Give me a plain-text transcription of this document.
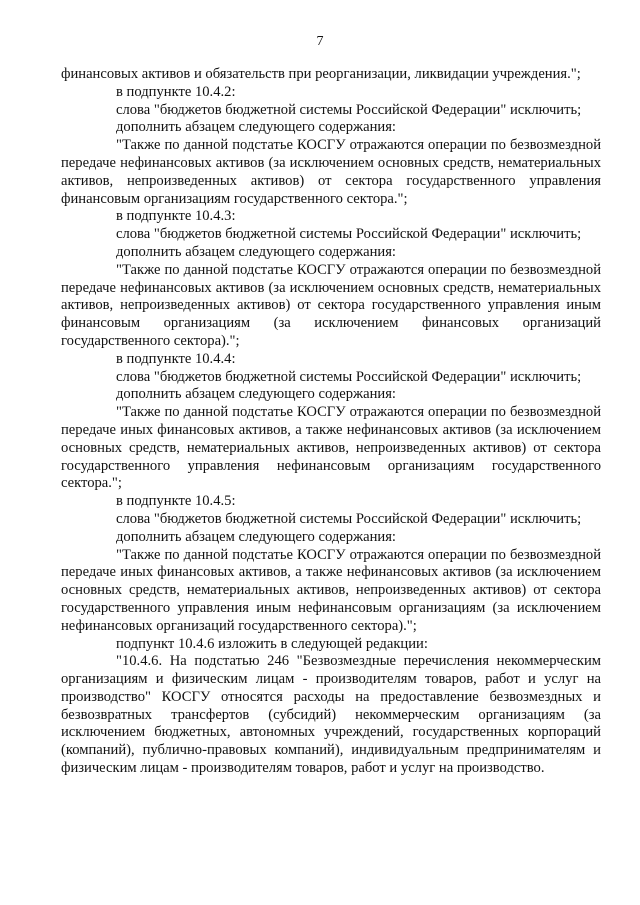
7

финансовых активов и обязательств при реорганизации, ликвидации учреждения.";

в подпункте 10.4.2:

слова "бюджетов бюджетной системы Российской Федерации" исключить;

дополнить абзацем следующего содержания:

"Также по данной подстатье КОСГУ отражаются операции по безвозмездной передаче нефинансовых активов (за исключением основных средств, нематериальных активов, непроизведенных активов) от сектора государственного управления финансовым организациям государственного сектора.";

в подпункте 10.4.3:

слова "бюджетов бюджетной системы Российской Федерации" исключить;

дополнить абзацем следующего содержания:

"Также по данной подстатье КОСГУ отражаются операции по безвозмездной передаче нефинансовых активов (за исключением основных средств, нематериальных активов, непроизведенных активов) от сектора государственного управления иным финансовым организациям (за исключением финансовых организаций государственного сектора).";

в подпункте 10.4.4:

слова "бюджетов бюджетной системы Российской Федерации" исключить;

дополнить абзацем следующего содержания:

"Также по данной подстатье КОСГУ отражаются операции по безвозмездной передаче иных финансовых активов, а также нефинансовых активов (за исключением основных средств, нематериальных активов, непроизведенных активов) от сектора государственного управления нефинансовым организациям государственного сектора.";

в подпункте 10.4.5:

слова "бюджетов бюджетной системы Российской Федерации" исключить;

дополнить абзацем следующего содержания:

"Также по данной подстатье КОСГУ отражаются операции по безвозмездной передаче иных финансовых активов, а также нефинансовых активов (за исключением основных средств, нематериальных активов, непроизведенных активов) от сектора государственного управления иным нефинансовым организациям (за исключением нефинансовых организаций государственного сектора).";

подпункт 10.4.6 изложить в следующей редакции:

"10.4.6. На подстатью 246 "Безвозмездные перечисления некоммерческим организациям и физическим лицам - производителям товаров, работ и услуг на производство" КОСГУ относятся расходы на предоставление безвозмездных и безвозвратных трансфертов (субсидий) некоммерческим организациям (за исключением бюджетных, автономных учреждений, государственных корпораций (компаний), публично-правовых компаний), индивидуальным предпринимателям и физическим лицам - производителям товаров, работ и услуг на производство.
